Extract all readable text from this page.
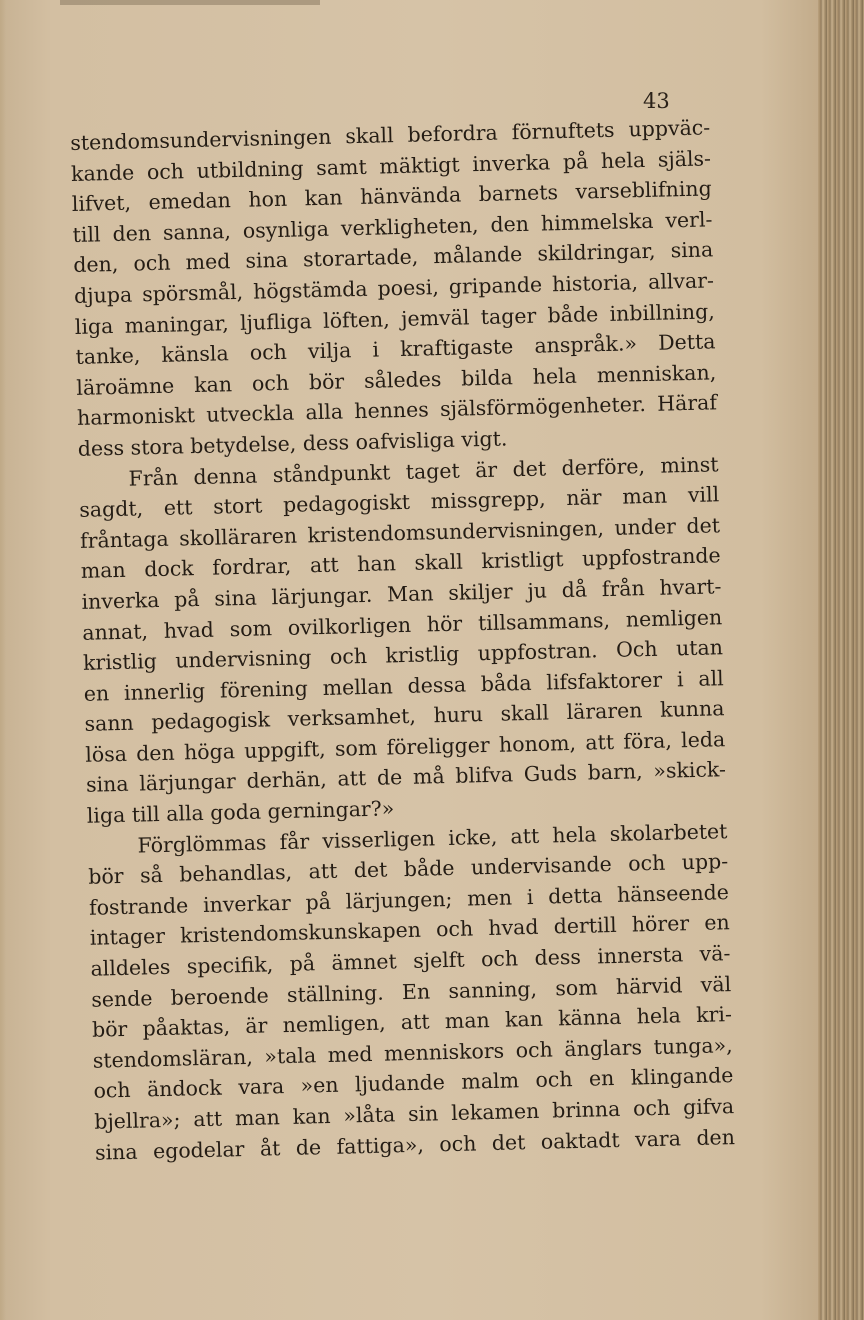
43
stendomsundervisningen skall befordra förnuftets uppväc-
kande och utbildning samt mäktigt inverka på hela själs-
lifvet, emedan hon kan hänvända barnets varseblifning
till den sanna, osynliga verkligheten, den himmelska verl-
den, och med sina storartade, målande skildringar, sina
djupa spörsmål, högstämda poesi, gripande historia, allvar-
liga maningar, ljufliga löften, jemväl tager både inbillning,
tanke, känsla och vilja i kraftigaste anspråk.» Detta
läroämne kan och bör således bilda hela menniskan,
harmoniskt utveckla alla hennes själsförmögenheter. Häraf
dess stora betydelse, dess oafvisliga vigt.
Från denna ståndpunkt taget är det derföre, minst
sagdt, ett stort pedagogiskt missgrepp, när man vill
fråntaga skolläraren kristendomsundervisningen, under det
man dock fordrar, att han skall kristligt uppfostrande
inverka på sina lärjungar. Man skiljer ju då från hvart-
annat, hvad som ovilkorligen hör tillsammans, nemligen
kristlig undervisning och kristlig uppfostran. Och utan
en innerlig förening mellan dessa båda lifsfaktorer i all
sann pedagogisk verksamhet, huru skall läraren kunna
lösa den höga uppgift, som föreligger honom, att föra, leda
sina lärjungar derhän, att de må blifva Guds barn, »skick-
liga till alla goda gerningar?»
Förglömmas får visserligen icke, att hela skolarbetet
bör så behandlas, att det både undervisande och upp-
fostrande inverkar på lärjungen; men i detta hänseende
intager kristendomskunskapen och hvad dertill hörer en
alldeles specifik, på ämnet sjelft och dess innersta vä-
sende beroende ställning. En sanning, som härvid väl
bör påaktas, är nemligen, att man kan känna hela kri-
stendomsläran, »tala med menniskors och änglars tunga»,
och ändock vara »en ljudande malm och en klingande
bjellra»; att man kan »låta sin lekamen brinna och gifva
sina egodelar åt de fattiga», och det oaktadt vara den
